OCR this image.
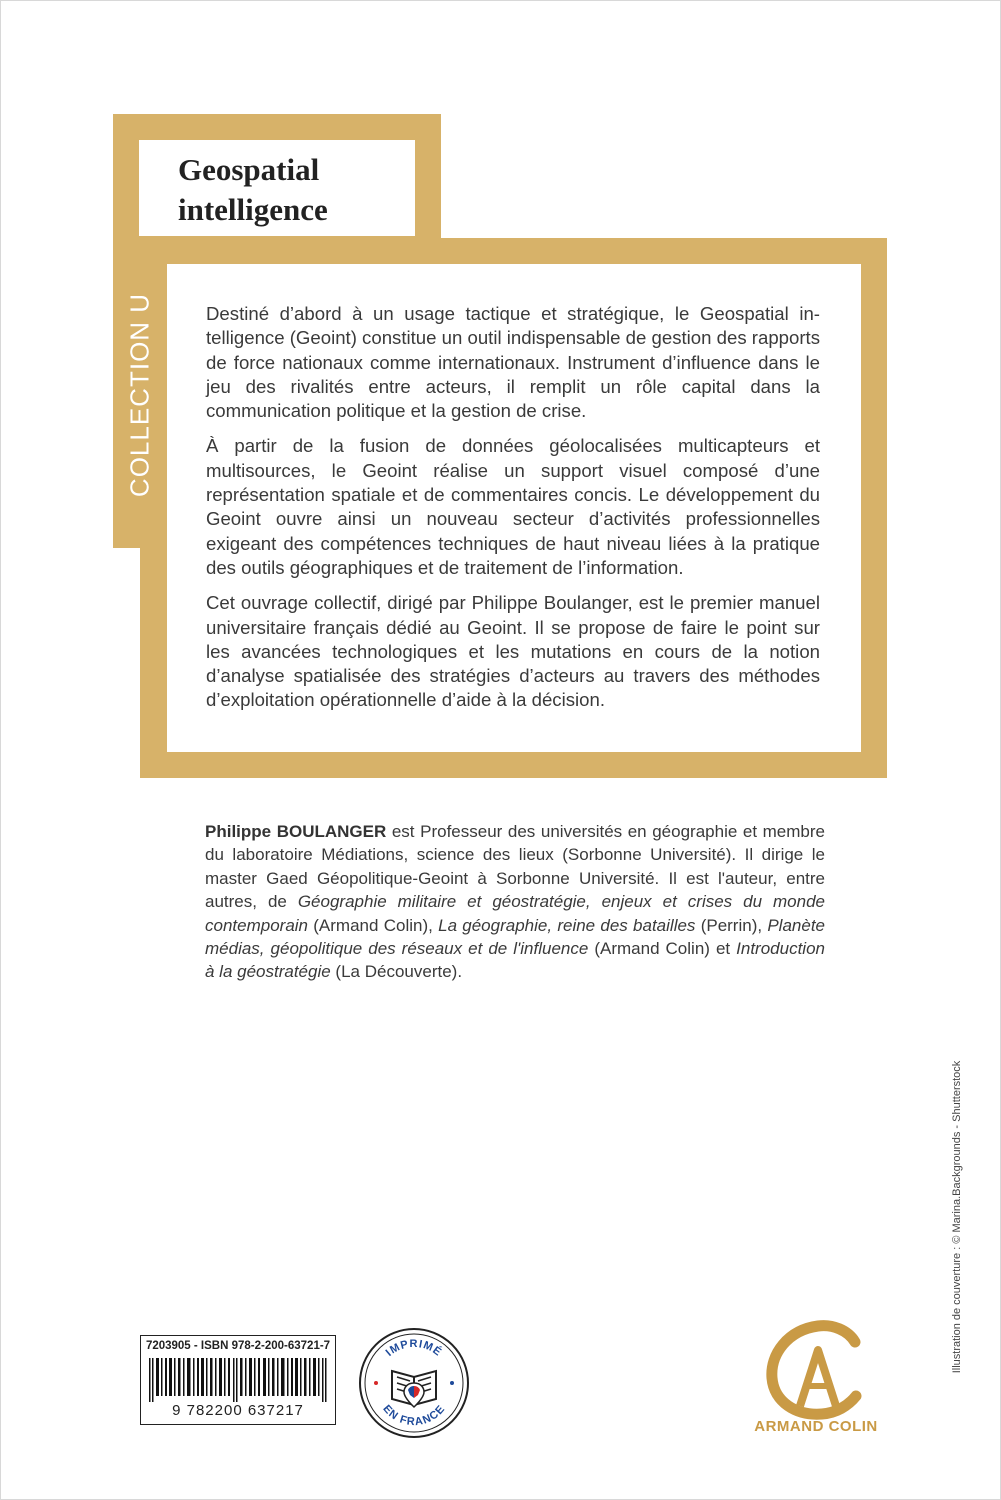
Geospatial
intelligence
COLLECTION U	Destiné d’abord à un usage tactique et stratégique, le Geospatial intelligence (Geoint) constitue un outil indispensable de gestion des rapports de force nationaux comme internationaux. Instrument d’influence dans le jeu des rivalités entre acteurs, il remplit un rôle capital dans la communication politique et la gestion de crise.

À partir de la fusion de données géolocalisées multicapteurs et multisources, le Geoint réalise un support visuel composé d’une représentation spatiale et de commentaires concis. Le développement du Geoint ouvre ainsi un nouveau secteur d’activités professionnelles exigeant des compétences techniques de haut niveau liées à la pratique des outils géographiques et de traitement de l’information.

Cet ouvrage collectif, dirigé par Philippe Boulanger, est le premier manuel universitaire français dédié au Geoint. Il se propose de faire le point sur les avancées technologiques et les mutations en cours de la notion d’analyse spatialisée des stratégies d’acteurs au travers des méthodes d’exploitation opérationnelle d’aide à la décision.

Philippe BOULANGER est Professeur des universités en géographie et membre du laboratoire Médiations, science des lieux (Sorbonne Université). Il dirige le master Gaed Géopolitique-Geoint à Sorbonne Université. Il est l'auteur, entre autres, de Géographie militaire et géostratégie, enjeux et crises du monde contemporain (Armand Colin), La géographie, reine des batailles (Perrin), Planète médias, géopolitique des réseaux et de l'influence (Armand Colin) et Introduction à la géostratégie (La Découverte).

Illustration de couverture : © Marina.Backgrounds - Shutterstock
7203905 - ISBN 978-2-200-63721-7
9 782200 637217
IMPRIMÉ
EN FRANCE
ARMAND COLIN
